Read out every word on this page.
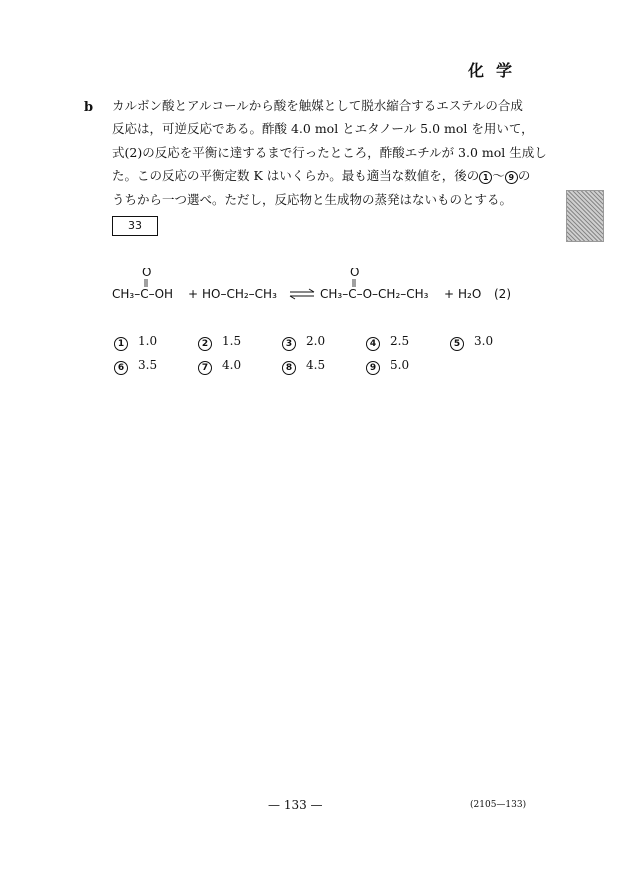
化学
b カルボン酸とアルコールから酸を触媒として脱水縮合するエステルの合成
反応は，可逆反応である。酢酸 4.0 mol とエタノール 5.0 mol を用いて，
式(2)の反応を平衡に達するまで行ったところ，酢酸エチルが 3.0 mol 生成し
た。この反応の平衡定数 K はいくらか。最も適当な数値を，後の 1 ～ 9 の
うちから一つ選べ。ただし，反応物と生成物の蒸発はないものとする。
33
O
CH₃–C–OH + HO–CH₂–CH₃
O
CH₃–C–O–CH₂–CH₃ + H₂O (2)
1 1.0	2 1.5	3 2.0	4 2.5	5 3.0
6 3.5	7 4.0	8 4.5	9 5.0
— 133 —	(2105—133)
